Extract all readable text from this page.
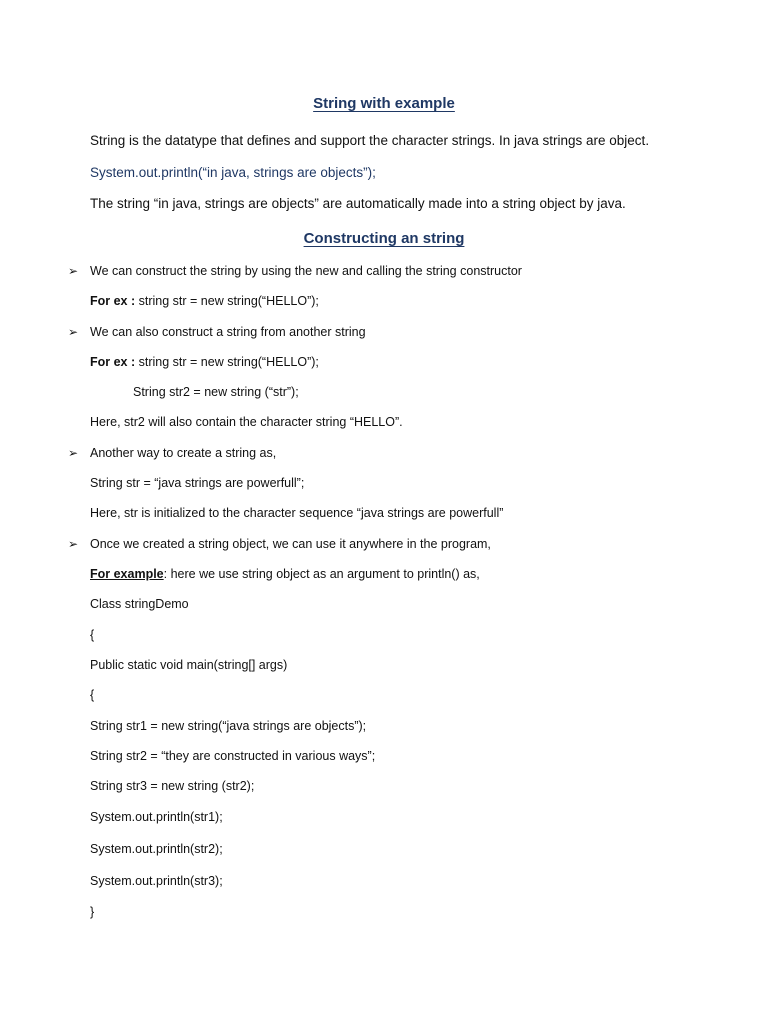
String with example

String is the datatype that defines and support the character strings. In java strings are object.

System.out.println(“in java, strings are objects”);

The string “in java, strings are objects” are automatically made into a string object by java.

Constructing an string
➢ We can construct the string by using the new and calling the string constructor

For ex : string str = new string(“HELLO”);

➢ We can also construct a string from another string

For ex : string str = new string(“HELLO”);

String str2 = new string (“str”);

Here, str2 will also contain the character string “HELLO”.

➢ Another way to create a string as,

String str = “java strings are powerfull”;

Here, str is initialized to the character sequence “java strings are powerfull”

➢ Once we created a string object, we can use it anywhere in the program,

For example: here we use string object as an argument to println() as,

Class stringDemo

{

Public static void main(string[] args)

{

String str1 = new string(“java strings are objects”);

String str2 = “they are constructed in various ways”;

String str3 = new string (str2);

System.out.println(str1);

System.out.println(str2);

System.out.println(str3);

}
